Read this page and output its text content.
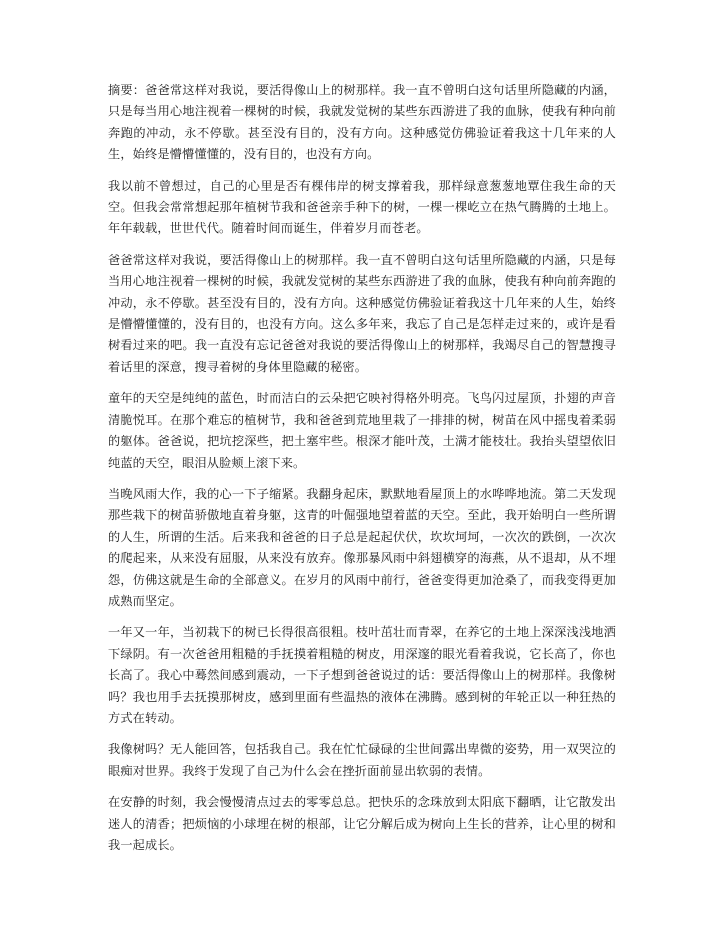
摘要：爸爸常这样对我说，要活得像山上的树那样。我一直不曾明白这句话里所隐藏的内涵，只是每当用心地注视着一棵树的时候，我就发觉树的某些东西游进了我的血脉，使我有种向前奔跑的冲动，永不停歇。甚至没有目的，没有方向。这种感觉仿佛验证着我这十几年来的人生，始终是懵懵懂懂的，没有目的，也没有方向。

我以前不曾想过，自己的心里是否有棵伟岸的树支撑着我，那样绿意葱葱地覃住我生命的天空。但我会常常想起那年植树节我和爸爸亲手种下的树，一棵一棵屹立在热气腾腾的土地上。年年载载，世世代代。随着时间而诞生，伴着岁月而苍老。

爸爸常这样对我说，要活得像山上的树那样。我一直不曾明白这句话里所隐藏的内涵，只是每当用心地注视着一棵树的时候，我就发觉树的某些东西游进了我的血脉，使我有种向前奔跑的冲动，永不停歇。甚至没有目的，没有方向。这种感觉仿佛验证着我这十几年来的人生，始终是懵懵懂懂的，没有目的，也没有方向。这么多年来，我忘了自己是怎样走过来的，或许是看树看过来的吧。我一直没有忘记爸爸对我说的要活得像山上的树那样，我竭尽自己的智慧搜寻着话里的深意，搜寻着树的身体里隐藏的秘密。

童年的天空是纯纯的蓝色，时而洁白的云朵把它映衬得格外明亮。飞鸟闪过屋顶，扑翅的声音清脆悦耳。在那个难忘的植树节，我和爸爸到荒地里栽了一排排的树，树苗在风中摇曳着柔弱的躯体。爸爸说，把坑挖深些，把土塞牢些。根深才能叶茂，土满才能枝壮。我抬头望望依旧纯蓝的天空，眼泪从脸颊上滚下来。

当晚风雨大作，我的心一下子缩紧。我翻身起床，默默地看屋顶上的水哗哗地流。第二天发现那些栽下的树苗骄傲地直着身躯，这青的叶倔强地望着蓝的天空。至此，我开始明白一些所谓的人生，所谓的生活。后来我和爸爸的日子总是起起伏伏，坎坎坷坷，一次次的跌倒，一次次的爬起来，从来没有屈服，从来没有放弃。像那暴风雨中斜翅横穿的海燕，从不退却，从不埋怨，仿佛这就是生命的全部意义。在岁月的风雨中前行，爸爸变得更加沧桑了，而我变得更加成熟而坚定。

一年又一年，当初栽下的树已长得很高很粗。枝叶茁壮而青翠，在养它的土地上深深浅浅地洒下绿阴。有一次爸爸用粗糙的手抚摸着粗糙的树皮，用深邃的眼光看着我说，它长高了，你也长高了。我心中蓦然间感到震动，一下子想到爸爸说过的话：要活得像山上的树那样。我像树吗？我也用手去抚摸那树皮，感到里面有些温热的液体在沸腾。感到树的年轮正以一种狂热的方式在转动。

我像树吗？无人能回答，包括我自己。我在忙忙碌碌的尘世间露出卑微的姿势，用一双哭泣的眼痴对世界。我终于发现了自己为什么会在挫折面前显出软弱的表情。

在安静的时刻，我会慢慢清点过去的零零总总。把快乐的念珠放到太阳底下翻晒，让它散发出迷人的清香；把烦恼的小球埋在树的根部，让它分解后成为树向上生长的营养，让心里的树和我一起成长。
